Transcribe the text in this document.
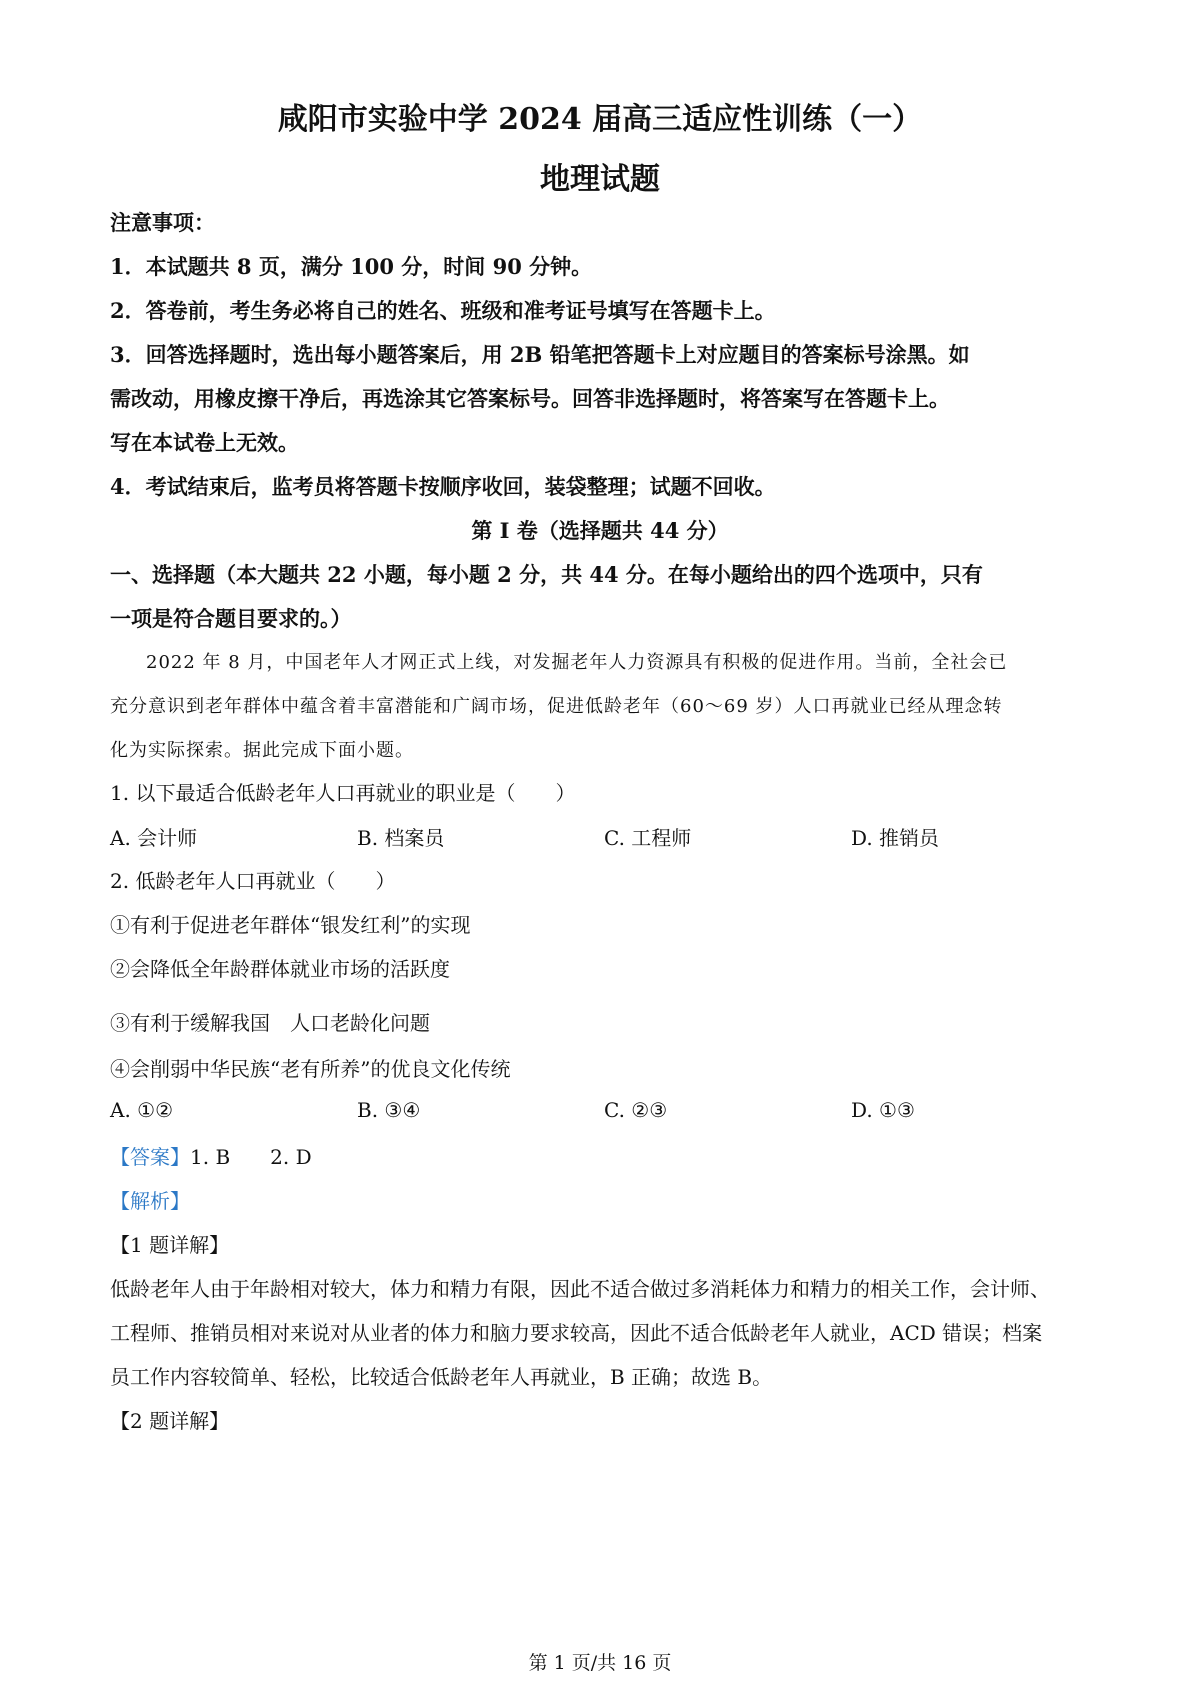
咸阳市实验中学 2024 届高三适应性训练（一）
地理试题
注意事项：
1．本试题共 8 页，满分 100 分，时间 90 分钟。
2．答卷前，考生务必将自己的姓名、班级和准考证号填写在答题卡上。
3．回答选择题时，选出每小题答案后，用 2B 铅笔把答题卡上对应题目的答案标号涂黑。如
需改动，用橡皮擦干净后，再选涂其它答案标号。回答非选择题时，将答案写在答题卡上。
写在本试卷上无效。
4．考试结束后，监考员将答题卡按顺序收回，装袋整理；试题不回收。
第 I 卷（选择题共 44 分）
一、选择题（本大题共 22 小题，每小题 2 分，共 44 分。在每小题给出的四个选项中，只有
一项是符合题目要求的。）
2022 年 8 月，中国老年人才网正式上线，对发掘老年人力资源具有积极的促进作用。当前，全社会已
充分意识到老年群体中蕴含着丰富潜能和广阔市场，促进低龄老年（60～69 岁）人口再就业已经从理念转
化为实际探索。据此完成下面小题。
1. 以下最适合低龄老年人口再就业的职业是（　　）
A. 会计师	B. 档案员	C. 工程师	D. 推销员
2. 低龄老年人口再就业（　　）
①有利于促进老年群体“银发红利”的实现
②会降低全年龄群体就业市场的活跃度
③有利于缓解我国　人口老龄化问题
④会削弱中华民族“老有所养”的优良文化传统
A. ①②	B. ③④	C. ②③	D. ①③
【答案】1. B　　2. D
【解析】
【1 题详解】
低龄老年人由于年龄相对较大，体力和精力有限，因此不适合做过多消耗体力和精力的相关工作，会计师、
工程师、推销员相对来说对从业者的体力和脑力要求较高，因此不适合低龄老年人就业，ACD 错误；档案
员工作内容较简单、轻松，比较适合低龄老年人再就业，B 正确；故选 B。
【2 题详解】
第 1 页/共 16 页
